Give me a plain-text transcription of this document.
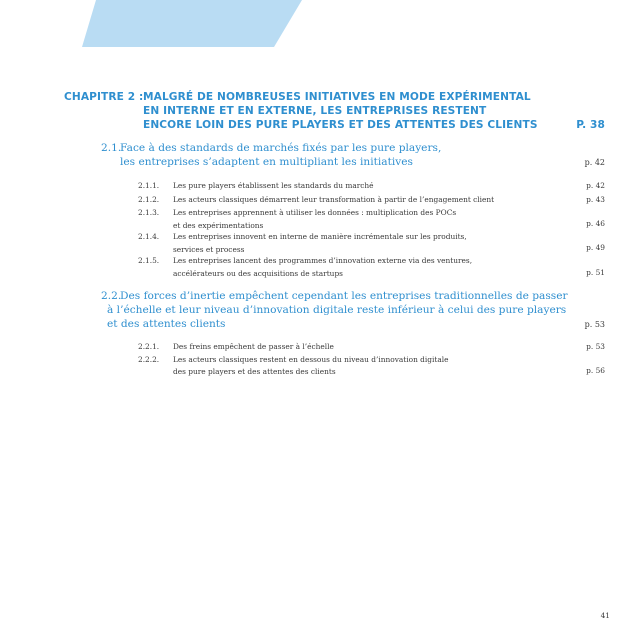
CHAPITRE 2 : MALGRÉ DE NOMBREUSES INITIATIVES EN MODE EXPÉRIMENTAL
EN INTERNE ET EN EXTERNE, LES ENTREPRISES RESTENT
ENCORE LOIN DES PURE PLAYERS ET DES ATTENTES DES CLIENTS	P. 38
2.1.
Face à des standards de marchés fixés par les pure players,
les entreprises s’adaptent en multipliant les initiatives	p. 42
2.1.1. Les pure players établissent les standards du marché	p. 42
2.1.2. Les acteurs classiques démarrent leur transformation à partir de l’engagement client	p. 43
2.1.3. Les entreprises apprennent à utiliser les données : multiplication des POCs
et des expérimentations	p. 46
2.1.4. Les entreprises innovent en interne de manière incrémentale sur les produits,
services et process	p. 49
2.1.5. Les entreprises lancent des programmes d’innovation externe via des ventures,
accélérateurs ou des acquisitions de startups	p. 51
2.2.
Des forces d’inertie empêchent cependant les entreprises traditionnelles de passer
à l’échelle et leur niveau d’innovation digitale reste inférieur à celui des pure players
et des attentes clients	p. 53
2.2.1. Des freins empêchent de passer à l’échelle	p. 53
2.2.2. Les acteurs classiques restent en dessous du niveau d’innovation digitale
des pure players et des attentes des clients	p. 56
41
